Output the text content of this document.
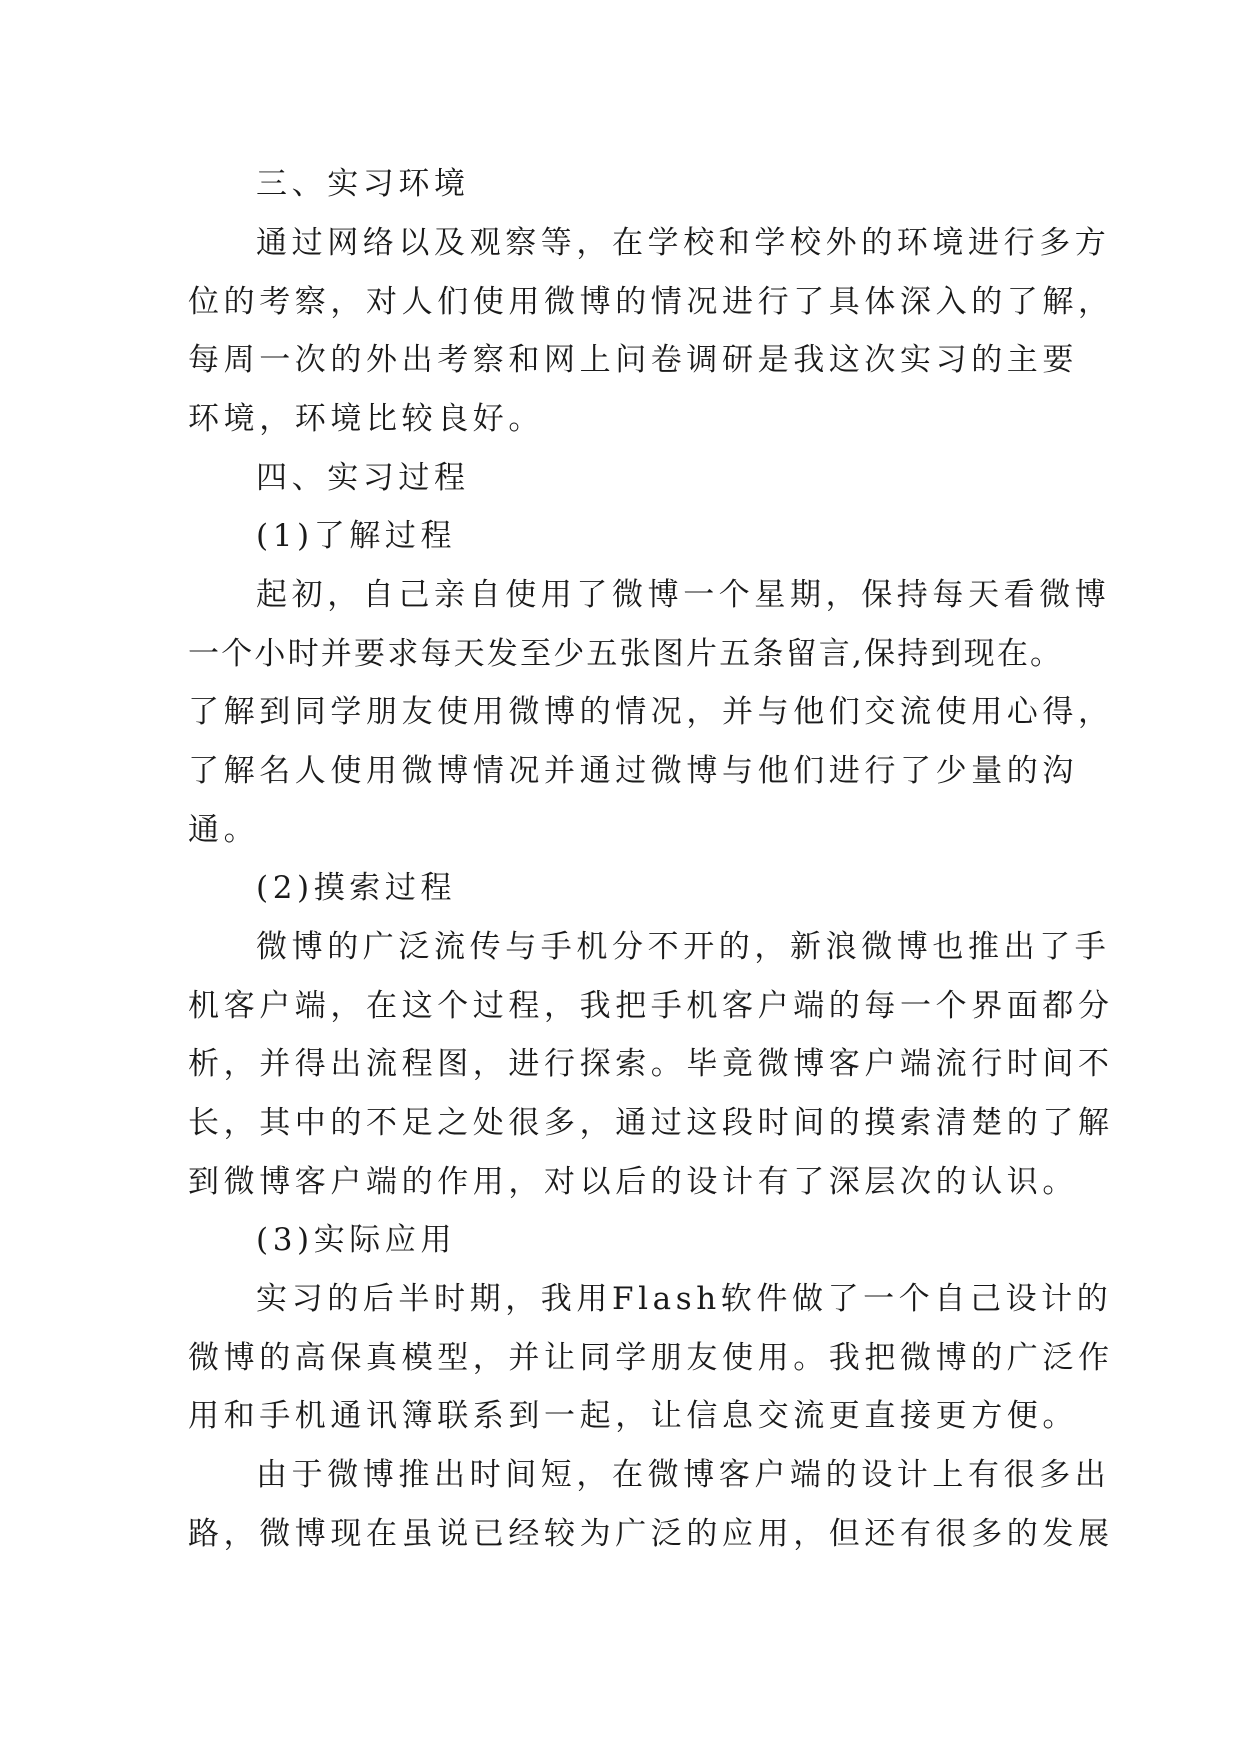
三、实习环境
通过网络以及观察等，在学校和学校外的环境进行多方
位的考察，对人们使用微博的情况进行了具体深入的了解，
每周一次的外出考察和网上问卷调研是我这次实习的主要
环境，环境比较良好。
四、实习过程
(1)了解过程
起初，自己亲自使用了微博一个星期，保持每天看微博
一个小时并要求每天发至少五张图片五条留言,保持到现在。
了解到同学朋友使用微博的情况，并与他们交流使用心得，
了解名人使用微博情况并通过微博与他们进行了少量的沟
通。
(2)摸索过程
微博的广泛流传与手机分不开的，新浪微博也推出了手
机客户端，在这个过程，我把手机客户端的每一个界面都分
析，并得出流程图，进行探索。毕竟微博客户端流行时间不
长，其中的不足之处很多，通过这段时间的摸索清楚的了解
到微博客户端的作用，对以后的设计有了深层次的认识。
(3)实际应用
实习的后半时期，我用Flash软件做了一个自己设计的
微博的高保真模型，并让同学朋友使用。我把微博的广泛作
用和手机通讯簿联系到一起，让信息交流更直接更方便。
由于微博推出时间短，在微博客户端的设计上有很多出
路，微博现在虽说已经较为广泛的应用，但还有很多的发展
